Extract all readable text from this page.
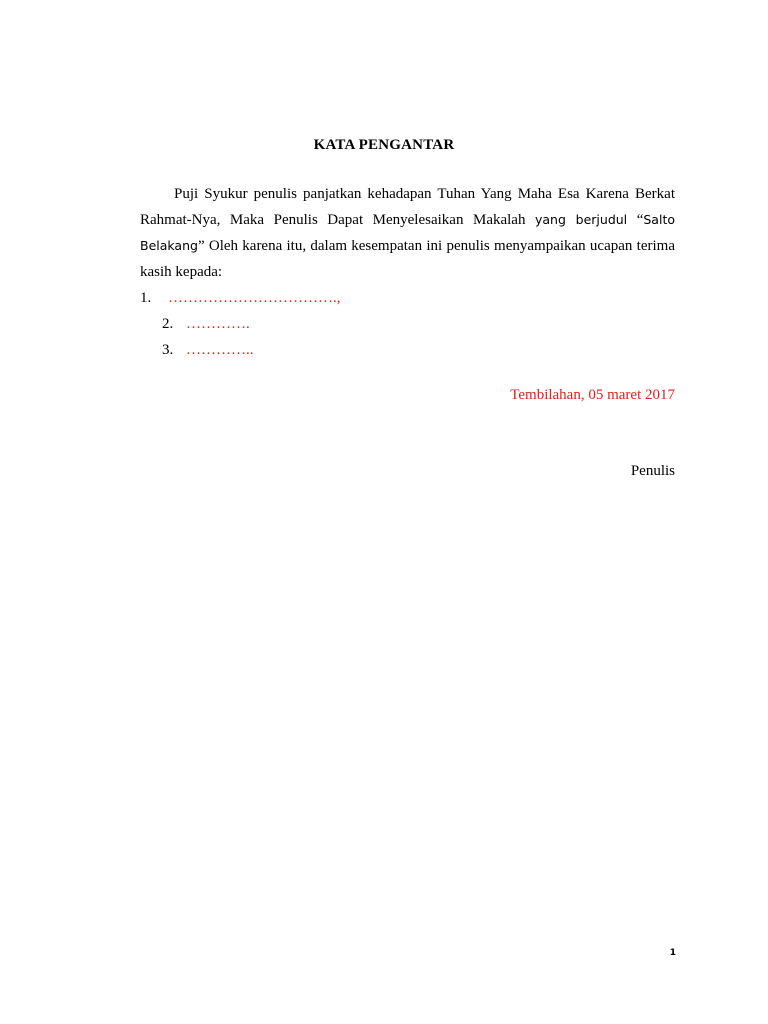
KATA PENGANTAR
Puji Syukur penulis panjatkan kehadapan Tuhan Yang Maha Esa Karena Berkat Rahmat-Nya, Maka Penulis Dapat Menyelesaikan Makalah yang berjudul “Salto Belakang” Oleh karena itu, dalam kesempatan ini penulis menyampaikan ucapan terima kasih kepada:
1. …………………………….,
2. ………….
3. …………..
Tembilahan, 05 maret 2017
Penulis
1
